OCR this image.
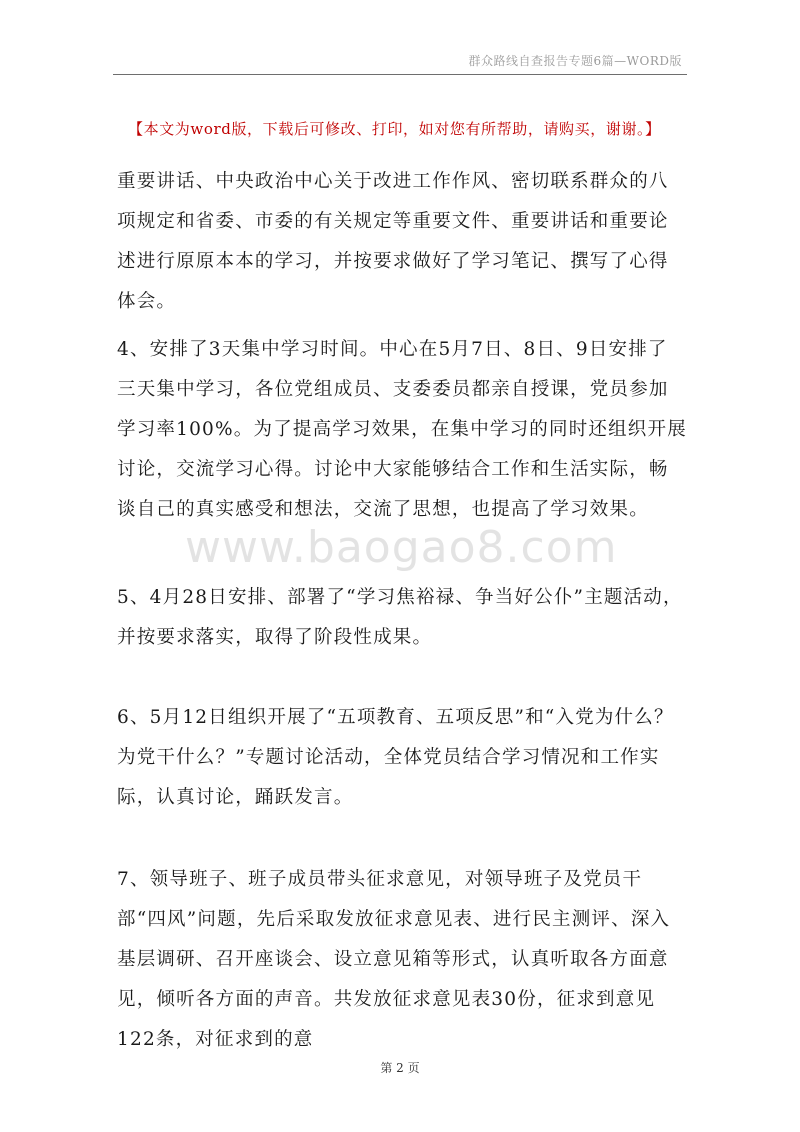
群众路线自查报告专题6篇—WORD版
【本文为word版，下载后可修改、打印，如对您有所帮助，请购买，谢谢。】

重要讲话、中央政治中心关于改进工作作风、密切联系群众的八项规定和省委、市委的有关规定等重要文件、重要讲话和重要论述进行原原本本的学习，并按要求做好了学习笔记、撰写了心得体会。

4、安排了3天集中学习时间。中心在5月7日、8日、9日安排了三天集中学习，各位党组成员、支委委员都亲自授课，党员参加学习率100%。为了提高学习效果，在集中学习的同时还组织开展讨论，交流学习心得。讨论中大家能够结合工作和生活实际，畅谈自己的真实感受和想法，交流了思想，也提高了学习效果。

5、4月28日安排、部署了“学习焦裕禄、争当好公仆”主题活动，并按要求落实，取得了阶段性成果。

6、5月12日组织开展了“五项教育、五项反思”和“入党为什么？为党干什么？”专题讨论活动，全体党员结合学习情况和工作实际，认真讨论，踊跃发言。

7、领导班子、班子成员带头征求意见，对领导班子及党员干部“四风”问题，先后采取发放征求意见表、进行民主测评、深入基层调研、召开座谈会、设立意见箱等形式，认真听取各方面意见，倾听各方面的声音。共发放征求意见表30份，征求到意见122条，对征求到的意

www.baogao8.com
第 2 页
